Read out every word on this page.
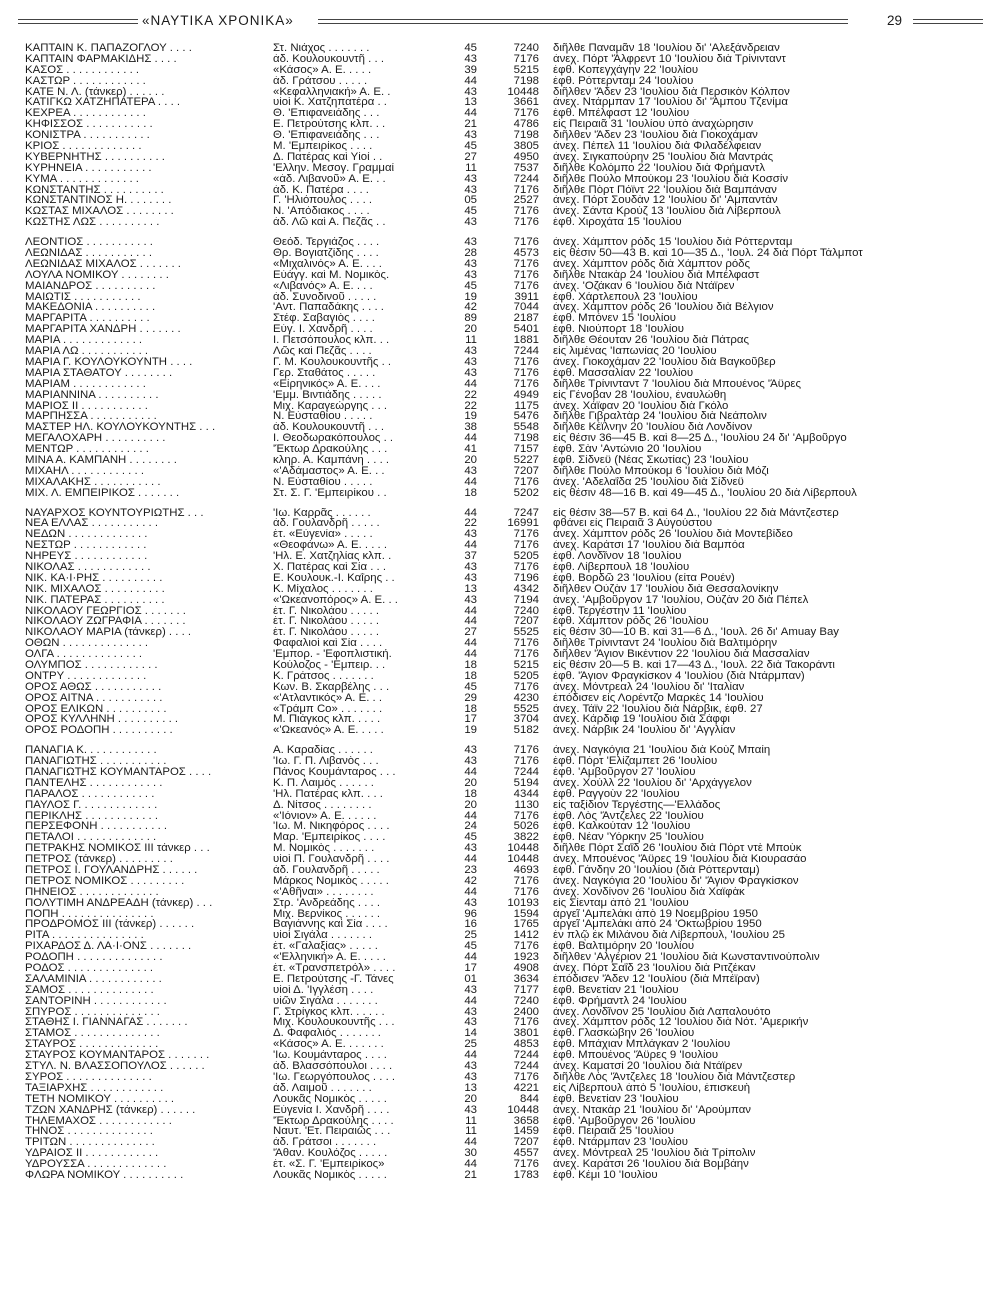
«ΝΑΥΤΙΚΑ ΧΡΟΝΙΚΑ»	29
ΚΑΠΤΑΙΝ Κ. ΠΑΠΑΖΟΓΛΟΥ . . . .	Στ. Νιάχος . . . . . . .	45	7240 διῆλθε Παναμᾶν 18 'Ιουλίου δι' 'Αλεξάνδρειαν
ΚΑΠΤΑΙΝ ΦΑΡΜΑΚΙΔΗΣ . . . .	ἀδ. Κουλουκουντῆ . . .	43	7176 ἀνεχ. Πόρτ 'Άλφρεντ 10 'Ιουλίου διὰ Τρίνινταντ
ΚΑΣΟΣ . . . . . . . . . . . .	«Κάσος» Α. Ε. . . . .	39	5215 ἐφθ. Κοπεγχάγην 22 'Ιουλίου
ΚΑΣΤΩΡ . . . . . . . . . . . .	ἀδ. Γράτσου . . . . .	44	7198 ἐφθ. Ρόττερνταμ 24 'Ιουλίου
ΚΑΤΕ Ν. Λ. (τάνκερ) . . . . . .	«Κεφαλληνιακή» Α. Ε. .	43	10448 διῆλθεν 'Άδεν 23 'Ιουλίου διὰ Περσικὸν Κόλπον
ΚΑΤΙΓΚΩ ΧΑΤΖΗΠΑΤΕΡΑ . . . .	υἱοὶ Κ. Χατζηπατέρα . .	13	3661 ἀνεχ. Ντάρμπαν 17 'Ιουλίου δι' 'Άμπου Τζενίμα
ΚΕΧΡΕΑ . . . . . . . . . . . .	Θ. 'Επιφανειάδης . . .	44	7176 ἐφθ. Μπέλφαστ 12 'Ιουλίου
ΚΗΦΙΣΣΟΣ . . . . . . . . . . .	Ε. Πετρούτσης κλπ. . .	21	4786 εἰς Πειραιᾶ 31 'Ιουλίου ὑπὸ ἀναχώρησιν
ΚΟΝΙΣΤΡΑ . . . . . . . . . . .	Θ. 'Επιφανειάδης . . .	43	7198 διῆλθεν 'Άδεν 23 'Ιουλίου διὰ Γιοκοχάμαν
ΚΡΙΟΣ . . . . . . . . . . . . .	Μ. 'Εμπειρίκος . . . .	45	3805 ἀνεχ. Πέπελ 11 'Ιουλίου διὰ Φιλαδέλφειαν
ΚΥΒΕΡΝΗΤΗΣ . . . . . . . . . .	Δ. Πατέρας καὶ Υἱοί . .	27	4950 ἀνεχ. Σιγκαπούρην 25 'Ιουλίου διὰ Μαντράς
ΚΥΡΗΝΕΙΑ . . . . . . . . . . .	'Ελλην. Μεσογ. Γραμμαί	11	7537 διῆλθε Κολόμπο 22 'Ιουλίου διὰ Φρήμαντλ
ΚΥΜΑ . . . . . . . . . . . . .	«ἀδ. Λιβανοῦ» Α. Ε. . .	43	7244 διῆλθε Πούλο Μπούκομ 23 'Ιουλίου διὰ Κοσσίν
ΚΩΝΣΤΑΝΤΗΣ . . . . . . . . . .	ἀδ. Κ. Πατέρα . . . .	43	7176 διῆλθε Πὸρτ Πόϊντ 22 'Ιουλίου διὰ Βαμπάναν
ΚΩΝΣΤΑΝΤΙΝΟΣ Η. . . . . . . .	Γ. 'Ηλιόπουλος . . . .	05	2527 ἀνεχ. Πόρτ Σουδὰν 12 'Ιουλίου δι' 'Αμπαντὰν
ΚΩΣΤΑΣ ΜΙΧΑΛΟΣ . . . . . . . .	Ν. 'Απόδιακος . . . .	45	7176 ἀνεχ. Σάντα Κρούζ 13 'Ιουλίου διὰ Λίβερπουλ
ΚΩΣΤΗΣ ΛΩΣ . . . . . . . . . .	ἀδ. Λῶ καὶ Α. Πεζᾶς . .	43	7176 ἐφθ. Χιροχάτα 15 'Ιουλίου
ΛΕΟΝΤΙΟΣ . . . . . . . . . . .	Θεόδ. Τεργιάζος . . . .	43	7176 ἀνεχ. Χάμπτον ρόδς 15 'Ιουλίου διὰ Ρόττερνταμ
ΛΕΩΝΙΔΑΣ . . . . . . . . . . .	Θρ. Βογιατζίδης . . . .	28	4573 εἰς θέσιν 50—43 Β. καὶ 10—35 Δ., 'Ιουλ. 24 διὰ Πόρτ Τάλμποτ
ΛΕΩΝΙΔΑΣ ΜΙΧΑΛΟΣ . . . . . . .	«Μιχαλινός» Α. Ε. . . .	43	7176 ἀνεχ. Χάμπτον ρόδς διὰ Χάμπτον ρόδς
ΛΟΥΛΑ ΝΟΜΙΚΟΥ . . . . . . . .	Εὐάγγ. καὶ Μ. Νομικὸς.	43	7176 διῆλθε Ντακὰρ 24 'Ιουλίου διὰ Μπέλφαστ
ΜΑΙΑΝΔΡΟΣ . . . . . . . . . .	«Λιβανός» Α. Ε. . . .	45	7176 ἀνεχ. 'Οζάκαν 6 'Ιουλίου διὰ Ντάϊρεν
ΜΑΙΩΤΙΣ . . . . . . . . . . .	ἀδ. Συνοδινοῦ . . . . .	19	3911 ἐφθ. Χάρτλεπουλ 23 'Ιουλίου
ΜΑΚΕΔΟΝΙΑ . . . . . . . . . .	'Αντ. Παπαδάκης . . . .	42	7044 ἀνεχ. Χάμπτον ρόδς 26 'Ιουλίου διὰ Βέλγιον
ΜΑΡΓΑΡΙΤΑ . . . . . . . . . .	Στέφ. Σαβαγιὸς . . . .	89	2187 ἐφθ. Μπόνεν 15 'Ιουλίου
ΜΑΡΓΑΡΙΤΑ ΧΑΝΔΡΗ . . . . . . .	Εὐγ. Ι. Χανδρῆ . . . .	20	5401 ἐφθ. Νιούπορτ 18 'Ιουλίου
ΜΑΡΙΑ . . . . . . . . . . . . .	Ι. Πετσόπουλος κλπ. . .	11	1881 διῆλθε Θέουταν 26 'Ιουλίου διὰ Πάτρας
ΜΑΡΙΑ ΛΩ . . . . . . . . . . .	Λῶς καὶ Πεζᾶς . . . .	43	7244 εἰς λιμένας 'Ιαπωνίας 20 'Ιουλίου
ΜΑΡΙΑ Γ. ΚΟΥΛΟΥΚΟΥΝΤΗ . . . .	Γ. Μ. Κουλουκουντῆς . .	43	7176 ἀνεχ. Γιοκοχάμαν 22 'Ιουλίου διὰ Βαγκοῦβερ
ΜΑΡΙΑ ΣΤΑΘΑΤΟΥ . . . . . . . .	Γερ. Σταθάτος . . . . .	43	7176 ἐφθ. Μασσαλίαν 22 'Ιουλίου
ΜΑΡΙΑΜ . . . . . . . . . . . .	«Εἰρηνικός» Α. Ε. . . .	44	7176 διῆλθε Τρίνινταντ 7 'Ιουλίου διὰ Μπουένος 'Άϋρες
ΜΑΡΙΑΝΝΙΝΑ . . . . . . . . . .	'Εμμ. Βιντιάδης . . . . .	22	4949 εἰς Γένοβαν 28 'Ιουλίου, ἐναυλώθη
ΜΑΡΙΟΣ ΙΙ . . . . . . . . . . .	Μιχ. Καραγεώργης . . .	22	1175 ἀνεχ. Χάϊφαν 20 'Ιουλίου διὰ Γκόλο
ΜΑΡΠΗΣΣΑ . . . . . . . . . . .	Ν. Εὐσταθίου . . . . .	19	5476 διῆλθε Γιβραλτὰρ 24 'Ιουλίου διὰ Νεάπολιν
ΜΑΣΤΕΡ ΗΛ. ΚΟΥΛΟΥΚΟΥΝΤΗΣ . . .	ἀδ. Κουλουκουντῆ . . .	38	5548 διῆλθε Κέϊλνην 20 'Ιουλίου διὰ Λονδίνον
ΜΕΓΑΛΟΧΑΡΗ . . . . . . . . . .	Ι. Θεοδωρακόπουλος . .	44	7198 εἰς θέσιν 36—45 Β. καὶ 8—25 Δ., 'Ιουλίου 24 δι' 'Αμβοῦργο
ΜΕΝΤΩΡ . . . . . . . . . . . .	'Έκτωρ Δρακούλης . . .	41	7157 ἐφθ. Σὰν 'Αντώνιο 20 'Ιουλίου
ΜΙΝΑ Α. ΚΑΜΠΑΝΗ . . . . . . . .	κληρ. Α. Καμπάνη . . . .	20	5227 ἐφθ. Σίδνεϋ (Νέας Σκωτίας) 23 'Ιουλίου
ΜΙΧΑΗΛ . . . . . . . . . . . .	«'Αδάμαστος» Α. Ε. . .	43	7207 διῆλθε Πούλο Μπούκομ 6 'Ιουλίου διὰ Μόζι
ΜΙΧΑΛΑΚΗΣ . . . . . . . . . . .	Ν. Εὐσταθίου . . . . .	44	7176 ἀνεχ. 'Αδελαΐδα 25 'Ιουλίου διὰ Σίδνεϋ
ΜΙΧ. Λ. ΕΜΠΕΙΡΙΚΟΣ . . . . . . .	Στ. Σ. Γ. 'Εμπειρίκου . .	18	5202 εἰς θέσιν 48—16 Β. καὶ 49—45 Δ., 'Ιουλίου 20 διὰ Λίβερπουλ
ΝΑΥΑΡΧΟΣ ΚΟΥΝΤΟΥΡΙΩΤΗΣ . . .	'Ιω. Καρρᾶς . . . . . .	44	7247 εἰς θέσιν 38—57 Β. καὶ 64 Δ., 'Ιουλίου 22 διὰ Μάντζεστερ
ΝΕΑ ΕΛΛΑΣ . . . . . . . . . . .	ἀδ. Γουλανδρῆ . . . . .	22	16991 φθάνει εἰς Πειραιᾶ 3 Αὐγούστου
ΝΕΔΩΝ . . . . . . . . . . . . .	ἑτ. «Εὐγενία» . . . . .	43	7176 ἀνεχ. Χάμπτον ρόδς 26 'Ιουλίου διὰ Μοντεβίδεο
ΝΕΣΤΩΡ . . . . . . . . . . . .	«Θεοφάνω» Α. Ε. . . . .	44	7176 ἀνεχ. Καράτσι 17 'Ιουλίου διὰ Βαμπόα
ΝΗΡΕΥΣ . . . . . . . . . . . .	'Ηλ. Ε. Χατζηλίας κλπ. .	37	5205 ἐφθ. Λονδῖνον 18 'Ιουλίου
ΝΙΚΟΛΑΣ . . . . . . . . . . . .	Χ. Πατέρας καὶ Σία . . .	43	7176 ἐφθ. Λίβερπουλ 18 'Ιουλίου
ΝΙΚ. ΚΑ·Ι·ΡΗΣ . . . . . . . . . .	Ε. Κουλουκ.-Ι. Καΐρης . .	43	7196 ἐφθ. Βορδῶ 23 'Ιουλίου (εἶτα Ρουέν)
ΝΙΚ. ΜΙΧΑΛΟΣ . . . . . . . . . .	Κ. Μίχαλος . . . . . . .	13	4342 διῆλθεν Οὐζὰν 17 'Ιουλίου διὰ Θεσσαλονίκην
ΝΙΚ. ΠΑΤΕΡΑΣ . . . . . . . . . .	«'Ωκεανοπόρος» Α. Ε. . .	43	7194 ἀνεχ. 'Αμβοῦργον 17 'Ιουλίου, Οὐζὰν 20 διὰ Πέπελ
ΝΙΚΟΛΑΟΥ ΓΕΩΡΓΙΟΣ . . . . . . .	ἑτ. Γ. Νικολάου . . . . .	44	7240 ἐφθ. Τεργέστην 11 'Ιουλίου
ΝΙΚΟΛΑΟΥ ΖΩΓΡΑΦΙΑ . . . . . . .	ἑτ. Γ. Νικολάου . . . . .	44	7207 ἐφθ. Χάμπτον ρόδς 26 'Ιουλίου
ΝΙΚΟΛΑΟΥ ΜΑΡΙΑ (τάνκερ) . . . .	ἑτ. Γ. Νικολάου . . . . .	27	5525 εἰς θέσιν 30—10 Β. καὶ 31—6 Δ., 'Ιουλ. 26 δι' Amuay Bay
ΟΘΩΝ . . . . . . . . . . . . . .	Φαφαλιοὶ καὶ Σία . . . .	44	7176 διῆλθε Τρίνινταντ 24 'Ιουλίου διὰ Βαλτιμόρην
ΟΛΓΑ . . . . . . . . . . . . . .	'Εμπορ. - 'Εφοπλιστική.	44	7176 διῆλθεν 'Άγιον Βικέντιον 22 'Ιουλίου διὰ Μασσαλίαν
ΟΛΥΜΠΟΣ . . . . . . . . . . . .	Κούλοζος - 'Εμπειρ. . .	18	5215 εἰς θέσιν 20—5 Β. καὶ 17—43 Δ., 'Ιουλ. 22 διὰ Τακοράντι
ΟΝΤΡΥ . . . . . . . . . . . . .	Κ. Γράτσος . . . . . . .	18	5205 ἐφθ. 'Άγιον Φραγκίσκον 4 'Ιουλίου (διὰ Ντάρμπαν)
ΟΡΟΣ ΑΘΩΣ . . . . . . . . . . .	Κων. Β. Σκαρβέλης . . .	45	7176 ἀνεχ. Μόντρεαλ 24 'Ιουλίου δι' 'Ιταλίαν
ΟΡΟΣ ΑΙΤΝΑ . . . . . . . . . . .	«'Ατλαντικός» Α. Ε. . .	29	4230 ἐπόδισεν εἰς Λορέντζο Μαρκὲς 14 'Ιουλίου
ΟΡΟΣ ΕΛΙΚΩΝ . . . . . . . . . .	«Τράμπ Co» . . . . . . .	18	5525 ἀνεχ. Τάϊν 22 'Ιουλίου διὰ Νάρβικ, ἐφθ. 27
ΟΡΟΣ ΚΥΛΛΗΝΗ . . . . . . . . . .	Μ. Πιάγκος κλπ. . . . .	17	3704 ἀνεχ. Κάρδιφ 19 'Ιουλίου διὰ Σάφφι
ΟΡΟΣ ΡΟΔΟΠΗ . . . . . . . . . .	«'Ωκεανός» Α. Ε. . . . .	19	5182 ἀνεχ. Νάρβικ 24 'Ιουλίου δι' 'Αγγλίαν
ΠΑΝΑΓΙΑ Κ. . . . . . . . . . . .	Α. Καραδίας . . . . . .	43	7176 ἀνεχ. Ναγκόγια 21 'Ιουλίου διὰ Κοὺζ Μπαίη
ΠΑΝΑΓΙΩΤΗΣ . . . . . . . . . . .	'Ιω. Γ. Π. Λιβανὸς . . .	43	7176 ἐφθ. Πόρτ 'Ελίζαμπετ 26 'Ιουλίου
ΠΑΝΑΓΙΩΤΗΣ ΚΟΥΜΑΝΤΑΡΟΣ . . . .	Πάνος Κουμάνταρος . . .	44	7244 ἐφθ. 'Αμβοῦργον 27 'Ιουλίου
ΠΑΝΤΕΛΗΣ . . . . . . . . . . . .	Κ. Π. Λαιμὸς . . . . . .	20	5194 ἀνεχ. Χούλλ 22 'Ιουλίου δι' 'Αρχάγγελον
ΠΑΡΑΛΟΣ . . . . . . . . . . . .	'Ηλ. Πατέρας κλπ. . . .	18	4344 ἐφθ. Ραγγοὺν 22 'Ιουλίου
ΠΑΥΛΟΣ Γ. . . . . . . . . . . . .	Δ. Νίτσος . . . . . . . .	20	1130 εἰς ταξίδιον Τεργέστης—'Ελλάδος
ΠΕΡΙΚΛΗΣ . . . . . . . . . . . .	«'Ιόνιον» Α. Ε. . . . . .	44	7176 ἐφθ. Λὸς 'Άντζελες 22 'Ιουλίου
ΠΕΡΣΕΦΟΝΗ . . . . . . . . . . .	'Ιω. Μ. Νικηφόρος . . . .	24	5026 ἐφθ. Καλκούταν 12 'Ιουλίου
ΠΕΤΑΛΟΙ . . . . . . . . . . . . .	Μαρ. 'Εμπειρίκος . . . .	45	3822 ἐφθ. Νέαν 'Υόρκην 25 'Ιουλίου
ΠΕΤΡΑΚΗΣ ΝΟΜΙΚΟΣ ΙΙΙ τάνκερ . . .	Μ. Νομικὸς . . . . . . .	43	10448 διῆλθε Πόρτ Σαΐδ 26 'Ιουλίου διὰ Πόρτ ντὲ Μποὺκ
ΠΕΤΡΟΣ (τάνκερ) . . . . . . . . .	υἱοὶ Π. Γουλανδρῆ . . . .	44	10448 ἀνεχ. Μπουένος 'Άϋρες 19 'Ιουλίου διὰ Κιουρασάο
ΠΕΤΡΟΣ Ι. ΓΟΥΛΑΝΔΡΗΣ . . . . . .	ἀδ. Γουλανδρῆ . . . . .	23	4693 ἐφθ. Γάνδην 20 'Ιουλίου (διὰ Ρόττερνταμ)
ΠΕΤΡΟΣ ΝΟΜΙΚΟΣ . . . . . . . . .	Μάρκος Νομικὸς . . . . .	42	7176 ἀνεχ. Ναγκόγια 20 'Ιουλίου δι' 'Άγιον Φραγκίσκον
ΠΗΝΕΙΟΣ . . . . . . . . . . . . .	«'Αθῆναι» . . . . . . . .	44	7176 ἀνεχ. Χονδίνον 26 'Ιουλίου διὰ Χαϊφὰκ
ΠΟΛΥΤΙΜΗ ΑΝΔΡΕΑΔΗ (τάνκερ) . . .	Στρ. 'Ανδρεάδης . . . .	43	10193 εἰς Σίενταμ ἀπὸ 21 'Ιουλίου
ΠΟΠΗ . . . . . . . . . . . . . . .	Μιχ. Βερνίκος . . . . . .	96	1594 ἀργεῖ 'Αμπελάκι ἀπὸ 19 Νοεμβρίου 1950
ΠΡΟΔΡΟΜΟΣ ΙΙΙ (τάνκερ) . . . . . .	Βαγιάννης καὶ Σία . . . .	16	1765 ἀργεῖ 'Αμπελάκι ἀπὸ 24 'Οκτωβρίου 1950
ΡΙΤΑ . . . . . . . . . . . . . . .	υἱοὶ Σιγάλα . . . . . . .	25	1412 ἐν πλῷ ἐκ Μιλάνου διὰ Λίβερπουλ, 'Ιουλίου 25
ΡΙΧΑΡΔΟΣ Δ. ΛΑ·Ι·ΟΝΣ . . . . . . .	ἑτ. «Γαλαξίας» . . . . .	45	7176 ἐφθ. Βαλτιμόρην 20 'Ιουλίου
ΡΟΔΟΠΗ . . . . . . . . . . . . . .	«'Ελληνική» Α. Ε. . . . .	44	1923 διῆλθεν 'Αλγέριον 21 'Ιουλίου διὰ Κωνσταντινούπολιν
ΡΟΔΟΣ . . . . . . . . . . . . . .	ἑτ. «Τρανσπετρόλ» . . . .	17	4908 ἀνεχ. Πόρτ Σαΐδ 23 'Ιουλίου διὰ Ριτζέκαν
ΣΑΛΑΜΙΝΙΑ . . . . . . . . . . . .	Ε. Πετρούτσης -Γ. Τάνες	01	3634 ἐπόδισεν 'Άδεν 12 'Ιουλίου (διὰ Μπέϊραν)
ΣΑΜΟΣ . . . . . . . . . . . . . .	υἱοὶ Δ. 'Ιγγλέση . . . .	43	7177 ἐφθ. Βενετίαν 21 'Ιουλίου
ΣΑΝΤΟΡΙΝΗ . . . . . . . . . . . .	υἱῶν Σιγάλα . . . . . . .	44	7240 ἐφθ. Φρήμαντλ 24 'Ιουλίου
ΣΠΥΡΟΣ . . . . . . . . . . . . . .	Γ. Στρίγκος κλπ. . . . . .	43	2400 ἀνεχ. Λονδῖνον 25 'Ιουλίου διὰ Λαπαλουότο
ΣΤΑΘΗΣ Ι. ΓΙΑΝΝΑΓΑΣ . . . . . . .	Μιχ. Κουλουκουντῆς . . .	43	7176 ἀνεχ. Χάμπτον ρόδς 12 'Ιουλίου διὰ Νότ. 'Αμερικήν
ΣΤΑΜΟΣ . . . . . . . . . . . . . .	Δ. Φαφαλιός . . . . . . .	14	3801 ἐφθ. Γλασκώβην 26 'Ιουλίου
ΣΤΑΥΡΟΣ . . . . . . . . . . . . .	«Κάσος» Α. Ε. . . . . . .	25	4853 ἐφθ. Μπάχιαν Μπλάγκαν 2 'Ιουλίου
ΣΤΑΥΡΟΣ ΚΟΥΜΑΝΤΑΡΟΣ . . . . . . .	'Ιω. Κουμάνταρος . . . .	44	7244 ἐφθ. Μπουένος 'Άϋρες 9 'Ιουλίου
ΣΤΥΛ. Ν. ΒΛΑΣΣΟΠΟΥΛΟΣ . . . . . .	ἀδ. Βλασσόπουλοι . . . .	43	7244 ἀνεχ. Καματσί 20 'Ιουλίου διὰ Ντάϊρεν
ΣΥΡΟΣ . . . . . . . . . . . . . .	'Ιω. Γεωργόπουλος . . . .	43	7176 διῆλθε Λὸς 'Άντζελες 18 'Ιουλίου διὰ Μάντζεστερ
ΤΑΞΙΑΡΧΗΣ . . . . . . . . . . . .	ἀδ. Λαιμοῦ . . . . . . .	13	4221 εἰς Λίβερπουλ ἀπὸ 5 'Ιουλίου, ἐπισκευὴ
ΤΕΤΗ ΝΟΜΙΚΟΥ . . . . . . . . . .	Λουκᾶς Νομικὸς . . . . .	20	844 ἐφθ. Βενετίαν 23 'Ιουλίου
ΤΖΩΝ ΧΑΝΔΡΗΣ (τάνκερ) . . . . . .	Εὐγενία Ι. Χανδρῆ . . . .	43	10448 ἀνεχ. Ντακὰρ 21 'Ιουλίου δι' 'Αρούμπαν
ΤΗΛΕΜΑΧΟΣ . . . . . . . . . . . .	'Έκτωρ Δρακούλης . . . .	11	3658 ἐφθ. 'Αμβοῦργον 26 'Ιουλίου
ΤΗΝΟΣ . . . . . . . . . . . . . .	Ναυτ. 'Ετ. Πειραιῶς . . .	11	1459 ἐφθ. Πειραιᾶ 25 'Ιουλίου
ΤΡΙΤΩΝ . . . . . . . . . . . . . .	ἀδ. Γράτσοι . . . . . . .	44	7207 ἐφθ. Ντάρμπαν 23 'Ιουλίου
ΥΔΡΑΙΟΣ ΙΙ . . . . . . . . . . . .	'Άθαν. Κουλόζος . . . . .	30	4557 ἀνεχ. Μόντρεαλ 25 'Ιουλίου διὰ Τρίπολιν
ΥΔΡΟΥΣΣΑ . . . . . . . . . . . . .	ἑτ. «Σ. Γ. 'Εμπειρίκος»	44	7176 ἀνεχ. Καράτσι 26 'Ιουλίου διὰ Βομβάην
ΦΛΩΡΑ ΝΟΜΙΚΟΥ . . . . . . . . . .	Λουκᾶς Νομικὸς . . . . .	21	1783 ἐφθ. Κέμι 10 'Ιουλίου
